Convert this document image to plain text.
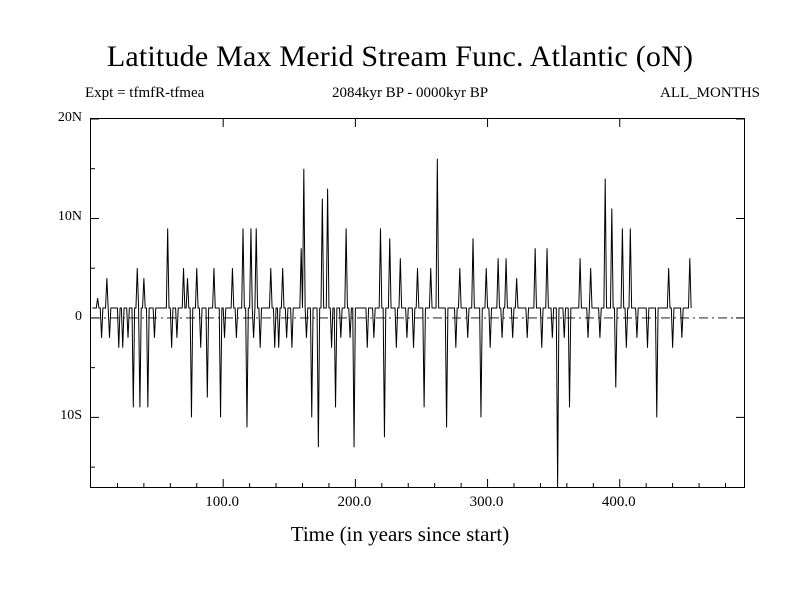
Latitude Max Merid Stream Func. Atlantic (oN)
Expt = tfmfR-tfmea	2084kyr BP - 0000kyr BP	ALL_MONTHS
20N
10N
0
10S
100.0	200.0	300.0	400.0
Time (in years since start)
